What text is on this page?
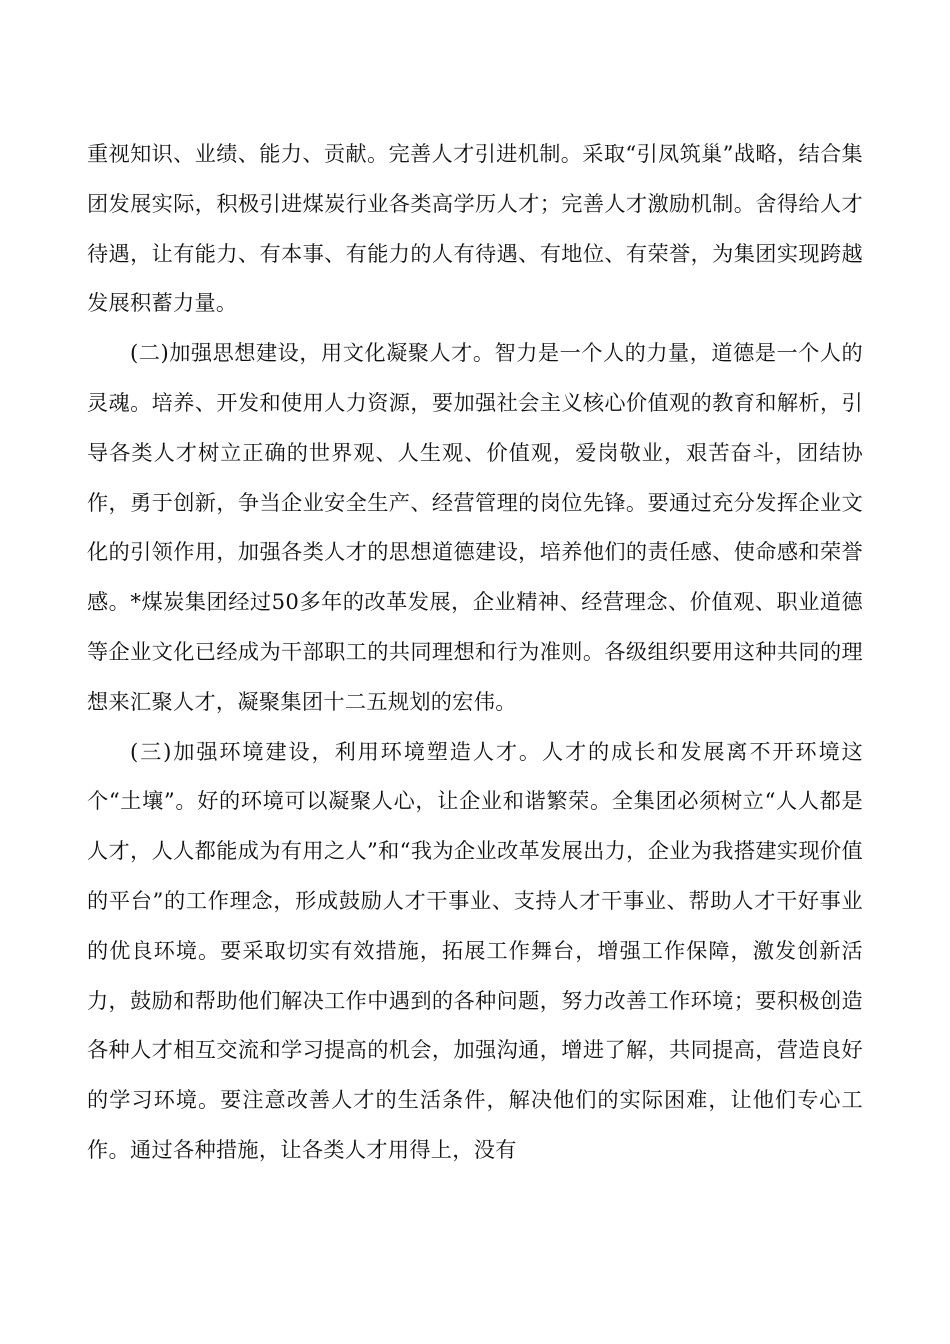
重视知识、业绩、能力、贡献。完善人才引进机制。采取“引凤筑巢”战略，结合集团发展实际，积极引进煤炭行业各类高学历人才；完善人才激励机制。舍得给人才待遇，让有能力、有本事、有能力的人有待遇、有地位、有荣誉，为集团实现跨越发展积蓄力量。

(二)加强思想建设，用文化凝聚人才。智力是一个人的力量，道德是一个人的灵魂。培养、开发和使用人力资源，要加强社会主义核心价值观的教育和解析，引导各类人才树立正确的世界观、人生观、价值观，爱岗敬业，艰苦奋斗，团结协作，勇于创新，争当企业安全生产、经营管理的岗位先锋。要通过充分发挥企业文化的引领作用，加强各类人才的思想道德建设，培养他们的责任感、使命感和荣誉感。*煤炭集团经过50多年的改革发展，企业精神、经营理念、价值观、职业道德等企业文化已经成为干部职工的共同理想和行为准则。各级组织要用这种共同的理想来汇聚人才，凝聚集团十二五规划的宏伟。

(三)加强环境建设，利用环境塑造人才。人才的成长和发展离不开环境这个“土壤”。好的环境可以凝聚人心，让企业和谐繁荣。全集团必须树立“人人都是人才，人人都能成为有用之人”和“我为企业改革发展出力，企业为我搭建实现价值的平台”的工作理念，形成鼓励人才干事业、支持人才干事业、帮助人才干好事业的优良环境。要采取切实有效措施，拓展工作舞台，增强工作保障，激发创新活力，鼓励和帮助他们解决工作中遇到的各种问题，努力改善工作环境；要积极创造各种人才相互交流和学习提高的机会，加强沟通，增进了解，共同提高，营造良好的学习环境。要注意改善人才的生活条件，解决他们的实际困难，让他们专心工作。通过各种措施，让各类人才用得上，没有
